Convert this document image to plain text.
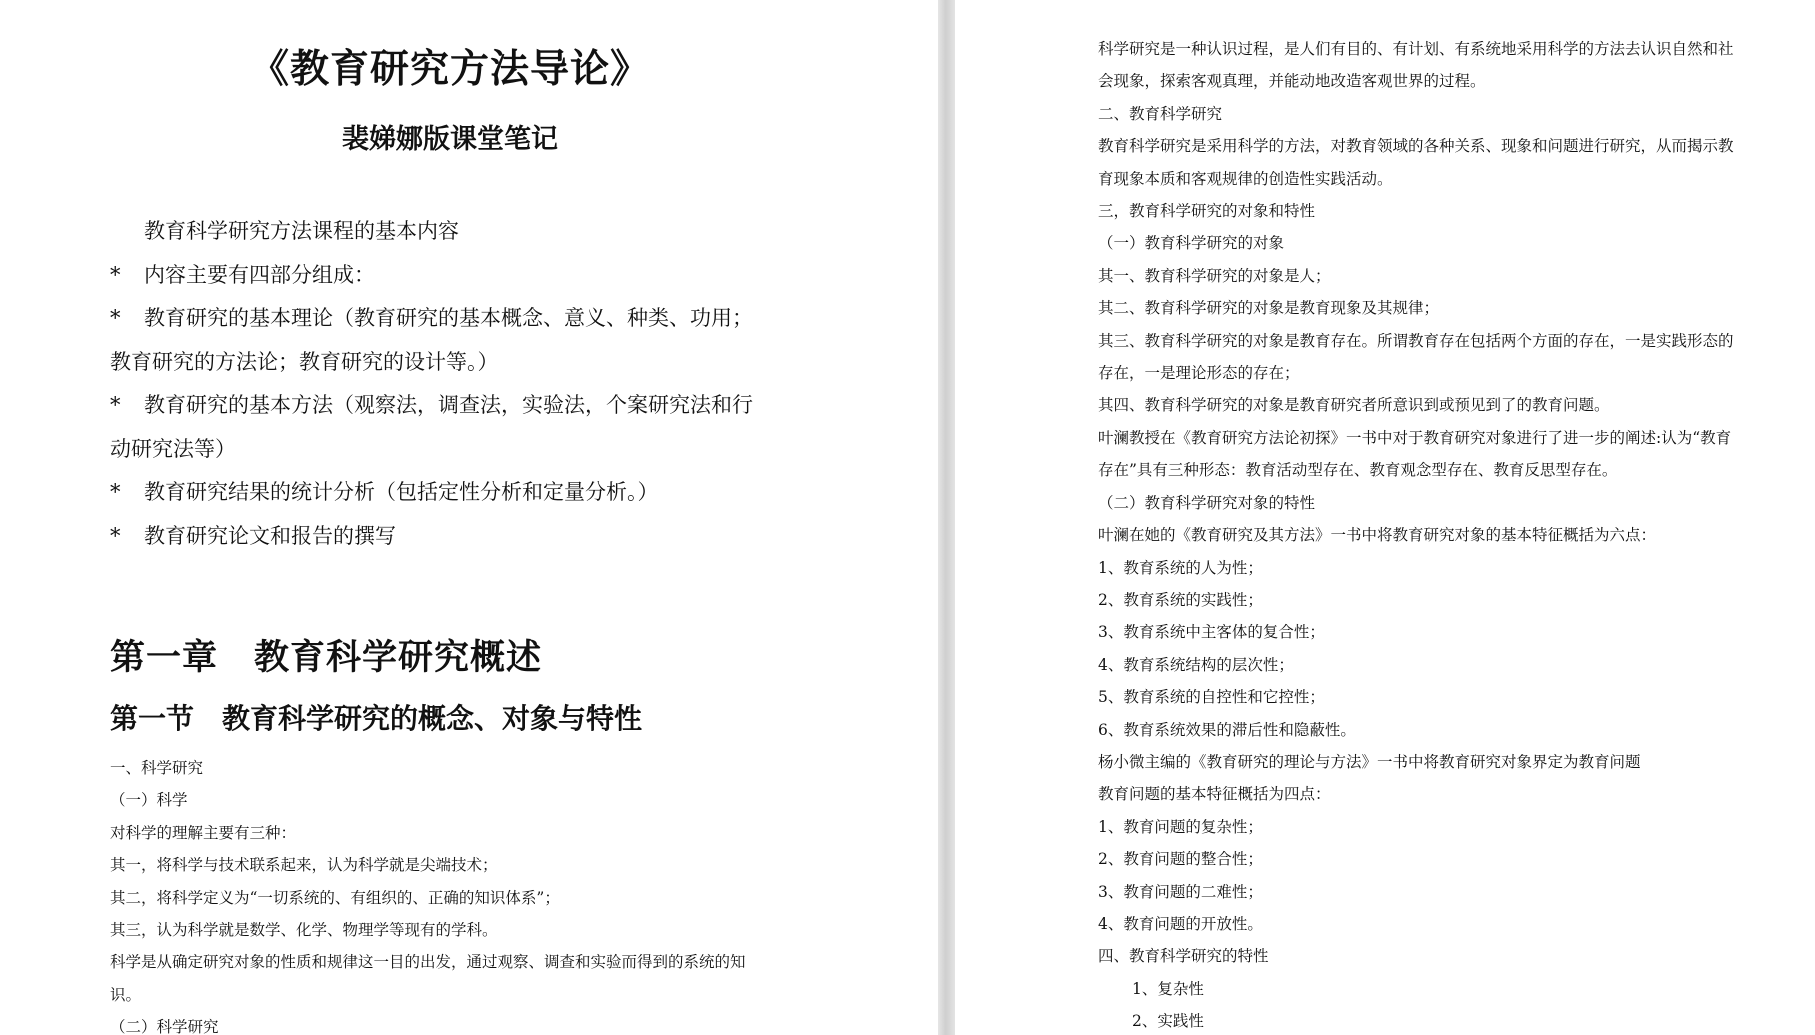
《教育研究方法导论》
裴娣娜版课堂笔记

教育科学研究方法课程的基本内容

* 内容主要有四部分组成：

* 教育研究的基本理论（教育研究的基本概念、意义、种类、功用；

教育研究的方法论；教育研究的设计等。）

* 教育研究的基本方法（观察法，调查法，实验法，个案研究法和行

动研究法等）

* 教育研究结果的统计分析（包括定性分析和定量分析。）

* 教育研究论文和报告的撰写

第一章　教育科学研究概述
第一节　教育科学研究的概念、对象与特性

一、科学研究

（一）科学

对科学的理解主要有三种：

其一，将科学与技术联系起来，认为科学就是尖端技术；

其二，将科学定义为“一切系统的、有组织的、正确的知识体系”；

其三，认为科学就是数学、化学、物理学等现有的学科。

科学是从确定研究对象的性质和规律这一目的出发，通过观察、调查和实验而得到的系统的知

识。

（二）科学研究

科学研究是一种认识过程，是人们有目的、有计划、有系统地采用科学的方法去认识自然和社

会现象，探索客观真理，并能动地改造客观世界的过程。

二、教育科学研究

教育科学研究是采用科学的方法，对教育领域的各种关系、现象和问题进行研究，从而揭示教

育现象本质和客观规律的创造性实践活动。

三，教育科学研究的对象和特性

（一）教育科学研究的对象

其一、教育科学研究的对象是人；

其二、教育科学研究的对象是教育现象及其规律；

其三、教育科学研究的对象是教育存在。所谓教育存在包括两个方面的存在，一是实践形态的

存在，一是理论形态的存在；

其四、教育科学研究的对象是教育研究者所意识到或预见到了的教育问题。

叶澜教授在《教育研究方法论初探》一书中对于教育研究对象进行了进一步的阐述:认为“教育

存在”具有三种形态：教育活动型存在、教育观念型存在、教育反思型存在。

（二）教育科学研究对象的特性

叶澜在她的《教育研究及其方法》一书中将教育研究对象的基本特征概括为六点：

1、教育系统的人为性；

2、教育系统的实践性；

3、教育系统中主客体的复合性；

4、教育系统结构的层次性；

5、教育系统的自控性和它控性；

6、教育系统效果的滞后性和隐蔽性。

杨小微主编的《教育研究的理论与方法》一书中将教育研究对象界定为教育问题

教育问题的基本特征概括为四点：

1、教育问题的复杂性；

2、教育问题的整合性；

3、教育问题的二难性；

4、教育问题的开放性。

四、教育科学研究的特性

1、复杂性

2、实践性
